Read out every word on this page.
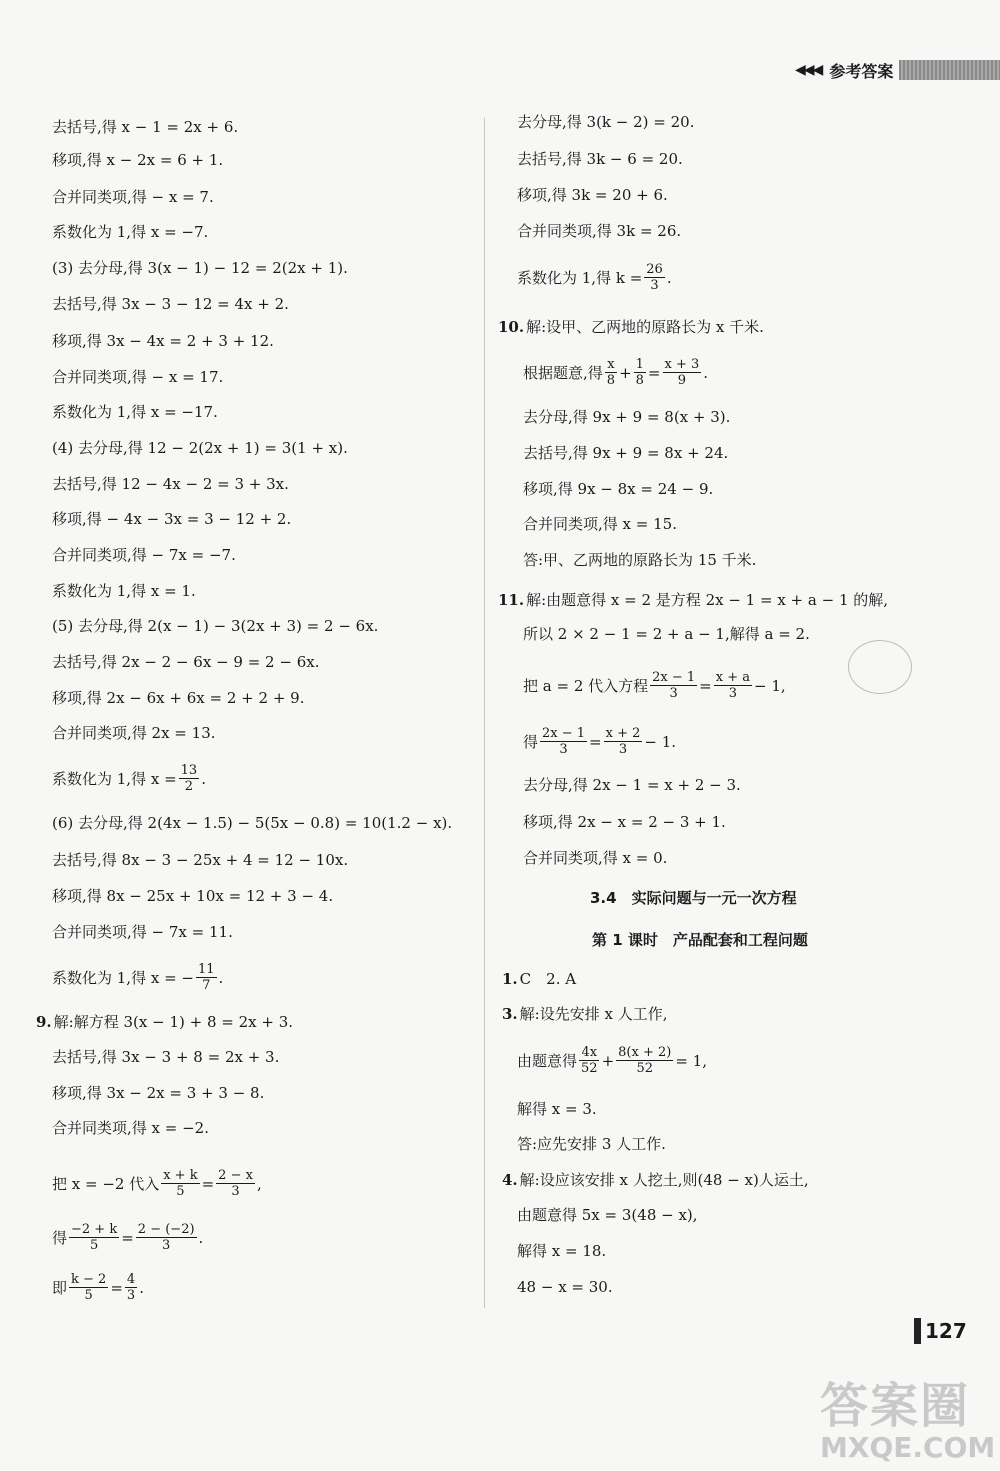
◀◀◀ 参考答案
去括号,得 x − 1 = 2x + 6.
移项,得 x − 2x = 6 + 1.
合并同类项,得 − x = 7.
系数化为 1,得 x = −7.
(3) 去分母,得 3(x − 1) − 12 = 2(2x + 1).
去括号,得 3x − 3 − 12 = 4x + 2.
移项,得 3x − 4x = 2 + 3 + 12.
合并同类项,得 − x = 17.
系数化为 1,得 x = −17.
(4) 去分母,得 12 − 2(2x + 1) = 3(1 + x).
去括号,得 12 − 4x − 2 = 3 + 3x.
移项,得 − 4x − 3x = 3 − 12 + 2.
合并同类项,得 − 7x = −7.
系数化为 1,得 x = 1.
(5) 去分母,得 2(x − 1) − 3(2x + 3) = 2 − 6x.
去括号,得 2x − 2 − 6x − 9 = 2 − 6x.
移项,得 2x − 6x + 6x = 2 + 2 + 9.
合并同类项,得 2x = 13.
系数化为 1,得 $x = \frac{13}{2}$ .
(6) 去分母,得 2(4x − 1.5) − 5(5x − 0.8) = 10(1.2 − x).
去括号,得 8x − 3 − 25x + 4 = 12 − 10x.
移项,得 8x − 25x + 10x = 12 + 3 − 4.
合并同类项,得 − 7x = 11.
系数化为 1,得 x = − $\frac{11}{7}$ .
9. 解:解方程 3(x − 1) + 8 = 2x + 3.
去括号,得 3x − 3 + 8 = 2x + 3.
移项,得 3x − 2x = 3 + 3 − 8.
合并同类项,得 x = −2.
把 x = −2 代入 $\frac{x + k}{5} = \frac{2 - x}{3}$ ,
得 $\frac{-2 + k}{5} = \frac{2 - (-2)}{3}$ .
即 $\frac{k - 2}{5} = \frac{4}{3}$ .
去分母,得 3(k − 2) = 20.
去括号,得 3k − 6 = 20.
移项,得 3k = 20 + 6.
合并同类项,得 3k = 26.
系数化为 1,得 $k = \frac{26}{3}$ .
10. 解:设甲、乙两地的原路长为 x 千米.
根据题意,得 $\frac{x}{8} + \frac{1}{8} = \frac{x + 3}{9}$ .
去分母,得 9x + 9 = 8(x + 3).
去括号,得 9x + 9 = 8x + 24.
移项,得 9x − 8x = 24 − 9.
合并同类项,得 x = 15.
答:甲、乙两地的原路长为 15 千米.
11. 解:由题意得 x = 2 是方程 2x − 1 = x + a − 1 的解,
所以 2 × 2 − 1 = 2 + a − 1,解得 a = 2.
把 a = 2 代入方程 $\frac{2x - 1}{3} = \frac{x + a}{3} - 1$,
得 $\frac{2x - 1}{3} = \frac{x + 2}{3} - 1$.
去分母,得 2x − 1 = x + 2 − 3.
移项,得 2x − x = 2 − 3 + 1.
合并同类项,得 x = 0.
3.4　实际问题与一元一次方程
第 1 课时　产品配套和工程问题
1. C　2. A
3. 解:设先安排 x 人工作,
由题意得 $\frac{4x}{52} + \frac{8(x + 2)}{52} = 1$,
解得 x = 3.
答:应先安排 3 人工作.
4. 解:设应该安排 x 人挖土,则(48 − x)人运土,
由题意得 5x = 3(48 − x),
解得 x = 18.
48 − x = 30.
127
答案圈
MXQE.COM
